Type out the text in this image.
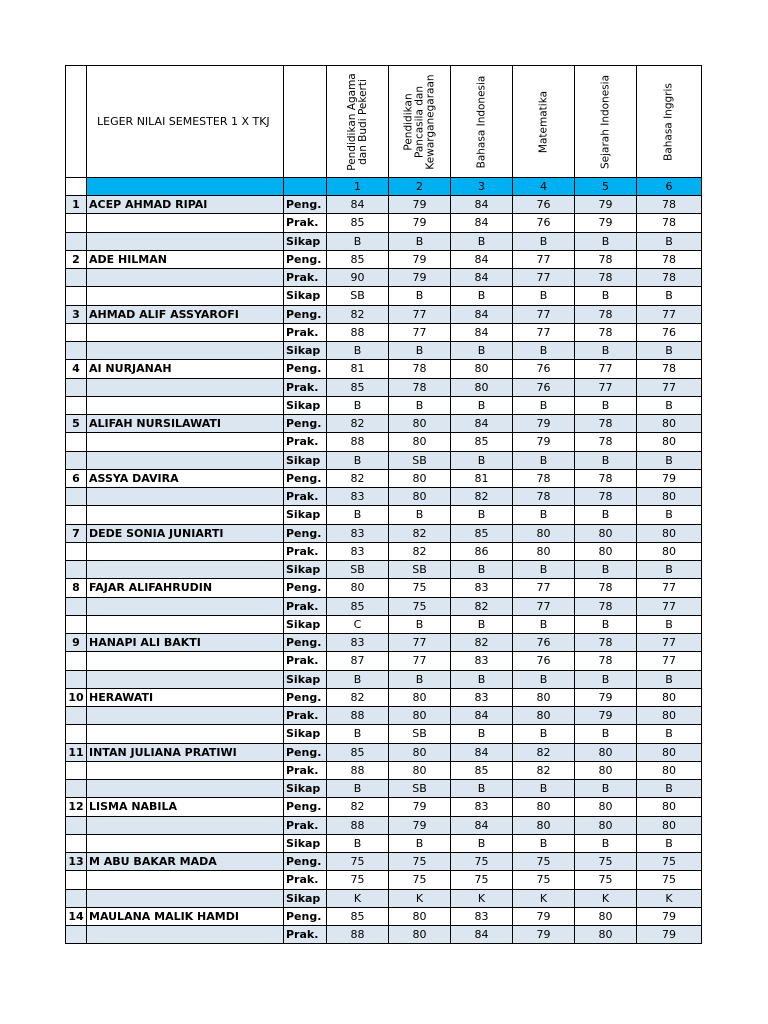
	LEGER NILAI SEMESTER 1 X TKJ		Pendidikan Agama dan Budi Pekerti	Pendidikan Pancasila dan Kewarganegaraan	Bahasa Indonesia	Matematika	Sejarah Indonesia	Bahasa Inggris

			1	2	3	4	5	6
1	ACEP AHMAD RIPAI	Peng.	84	79	84	76	79	78
		Prak.	85	79	84	76	79	78
		Sikap	B	B	B	B	B	B
2	ADE HILMAN	Peng.	85	79	84	77	78	78
		Prak.	90	79	84	77	78	78
		Sikap	SB	B	B	B	B	B
3	AHMAD ALIF ASSYAROFI	Peng.	82	77	84	77	78	77
		Prak.	88	77	84	77	78	76
		Sikap	B	B	B	B	B	B
4	AI NURJANAH	Peng.	81	78	80	76	77	78
		Prak.	85	78	80	76	77	77
		Sikap	B	B	B	B	B	B
5	ALIFAH NURSILAWATI	Peng.	82	80	84	79	78	80
		Prak.	88	80	85	79	78	80
		Sikap	B	SB	B	B	B	B
6	ASSYA DAVIRA	Peng.	82	80	81	78	78	79
		Prak.	83	80	82	78	78	80
		Sikap	B	B	B	B	B	B
7	DEDE SONIA JUNIARTI	Peng.	83	82	85	80	80	80
		Prak.	83	82	86	80	80	80
		Sikap	SB	SB	B	B	B	B
8	FAJAR ALIFAHRUDIN	Peng.	80	75	83	77	78	77
		Prak.	85	75	82	77	78	77
		Sikap	C	B	B	B	B	B
9	HANAPI ALI BAKTI	Peng.	83	77	82	76	78	77
		Prak.	87	77	83	76	78	77
		Sikap	B	B	B	B	B	B
10	HERAWATI	Peng.	82	80	83	80	79	80
		Prak.	88	80	84	80	79	80
		Sikap	B	SB	B	B	B	B
11	INTAN JULIANA PRATIWI	Peng.	85	80	84	82	80	80
		Prak.	88	80	85	82	80	80
		Sikap	B	SB	B	B	B	B
12	LISMA NABILA	Peng.	82	79	83	80	80	80
		Prak.	88	79	84	80	80	80
		Sikap	B	B	B	B	B	B
13	M ABU BAKAR MADA	Peng.	75	75	75	75	75	75
		Prak.	75	75	75	75	75	75
		Sikap	K	K	K	K	K	K
14	MAULANA MALIK HAMDI	Peng.	85	80	83	79	80	79
		Prak.	88	80	84	79	80	79
